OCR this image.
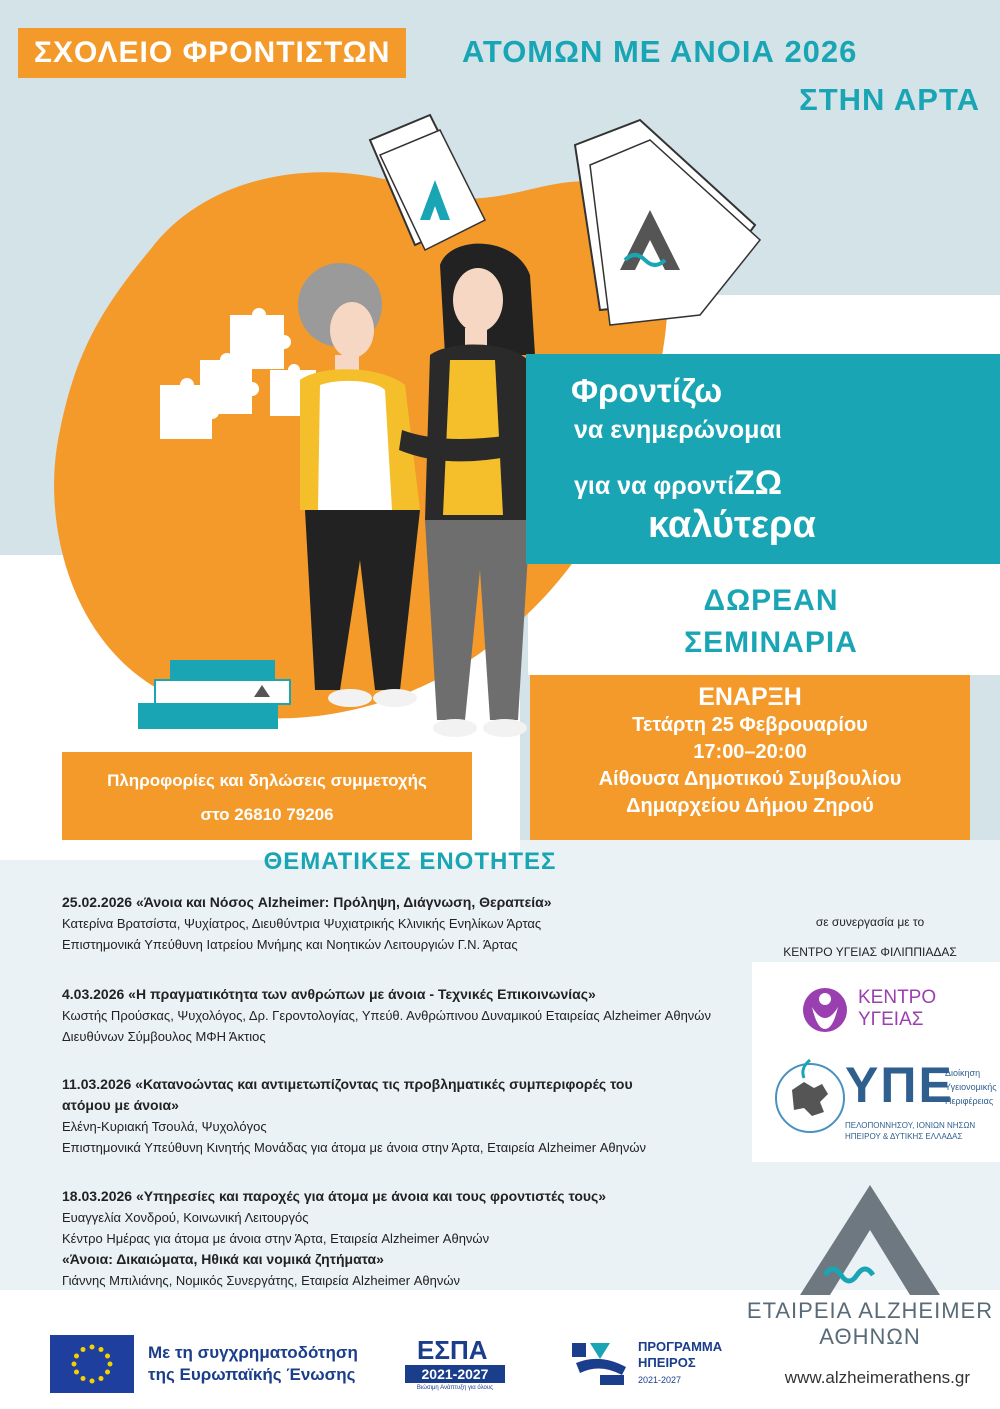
ΣΧΟΛΕΙΟ ΦΡΟΝΤΙΣΤΩΝ	ΑΤΟΜΩΝ ΜΕ ΑΝΟΙΑ 2026
ΣΤΗΝ ΑΡΤΑ
Φροντίζω
να ενημερώνομαι
για να φροντίΖΩ
καλύτερα
ΔΩΡΕΑΝ
ΣΕΜΙΝΑΡΙΑ
ΕΝΑΡΞΗ
Τετάρτη 25 Φεβρουαρίου
17:00–20:00
Αίθουσα Δημοτικού Συμβουλίου
Δημαρχείου Δήμου Ζηρού
Πληροφορίες και δηλώσεις συμμετοχής
στο 26810 79206
ΘΕΜΑΤΙΚΕΣ ΕΝΟΤΗΤΕΣ
25.02.2026 «Άνοια και Νόσος Alzheimer: Πρόληψη, Διάγνωση, Θεραπεία»
Κατερίνα Βρατσίστα, Ψυχίατρος, Διευθύντρια Ψυχιατρικής Κλινικής Ενηλίκων Άρτας
Επιστημονικά Υπεύθυνη Ιατρείου Μνήμης και Νοητικών Λειτουργιών Γ.Ν. Άρτας
4.03.2026 «Η πραγματικότητα των ανθρώπων με άνοια - Τεχνικές Επικοινωνίας»
Κωστής Προύσκας, Ψυχολόγος, Δρ. Γεροντολογίας, Υπεύθ. Ανθρώπινου Δυναμικού Εταιρείας Alzheimer Αθηνών
Διευθύνων Σύμβουλος ΜΦΗ Άκτιος
11.03.2026 «Κατανοώντας και αντιμετωπίζοντας τις προβληματικές συμπεριφορές του
ατόμου με άνοια»
Ελένη-Κυριακή Τσουλά, Ψυχολόγος
Επιστημονικά Υπεύθυνη Κινητής Μονάδας για άτομα με άνοια στην Άρτα, Εταιρεία Alzheimer Αθηνών
18.03.2026 «Υπηρεσίες και παροχές για άτομα με άνοια και τους φροντιστές τους»
Ευαγγελία Χονδρού, Κοινωνική Λειτουργός
Κέντρο Ημέρας για άτομα με άνοια στην Άρτα, Εταιρεία Alzheimer Αθηνών
«Άνοια: Δικαιώματα, Ηθικά και νομικά ζητήματα»
Γιάννης Μπιλιάνης, Νομικός Συνεργάτης, Εταιρεία Alzheimer Αθηνών
σε συνεργασία με το
ΚΕΝΤΡΟ ΥΓΕΙΑΣ ΦΙΛΙΠΠΙΑΔΑΣ
ΚΕΝΤΡΟ
ΥΓΕΙΑΣ
ΥΠΕ
Διοίκηση
Υγειονομικής
Περιφέρειας
ΠΕΛΟΠΟΝΝΗΣΟΥ, ΙΟΝΙΩΝ ΝΗΣΩΝ
ΗΠΕΙΡΟΥ & ΔΥΤΙΚΗΣ ΕΛΛΑΔΑΣ
ΕΤΑΙΡΕΙΑ ALZHEIMER
ΑΘΗΝΩΝ
www.alzheimerathens.gr
Με τη συγχρηματοδότηση
της Ευρωπαϊκής Ένωσης
ΕΣΠΑ
2021-2027
Βιώσιμη Ανάπτυξη για όλους
ΠΡΟΓΡΑΜΜΑ
ΗΠΕΙΡΟΣ
2021-2027
